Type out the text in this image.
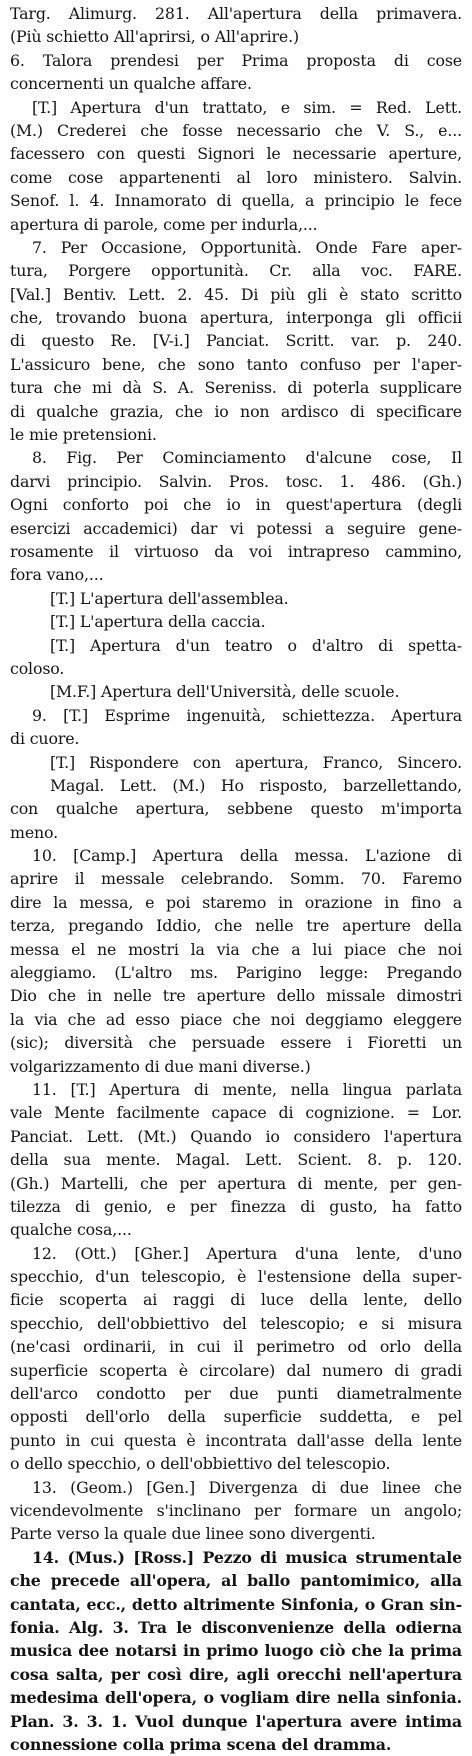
Targ. Alimurg. 281. All'apertura della primavera.
(Più schietto All'aprirsi, o All'aprire.)
6. Talora prendesi per Prima proposta di cose
concernenti un qualche affare.
[T.] Apertura d'un trattato, e sim. = Red. Lett.
(M.) Crederei che fosse necessario che V. S., e...
facessero con questi Signori le necessarie aperture,
come cose appartenenti al loro ministero. Salvin.
Senof. l. 4. Innamorato di quella, a principio le fece
apertura di parole, come per indurla,...
7. Per Occasione, Opportunità. Onde Fare aper-
tura, Porgere opportunità. Cr. alla voc. FARE.
[Val.] Bentiv. Lett. 2. 45. Di più gli è stato scritto
che, trovando buona apertura, interponga gli officii
di questo Re. [V-i.] Panciat. Scritt. var. p. 240.
L'assicuro bene, che sono tanto confuso per l'aper-
tura che mi dà S. A. Sereniss. di poterla supplicare
di qualche grazia, che io non ardisco di specificare
le mie pretensioni.
8. Fig. Per Cominciamento d'alcune cose, Il
darvi principio. Salvin. Pros. tosc. 1. 486. (Gh.)
Ogni conforto poi che io in quest'apertura (degli
esercizi accademici) dar vi potessi a seguire gene-
rosamente il virtuoso da voi intrapreso cammino,
fora vano,...
[T.] L'apertura dell'assemblea.
[T.] L'apertura della caccia.
[T.] Apertura d'un teatro o d'altro di spetta-
coloso.
[M.F.] Apertura dell'Università, delle scuole.
9. [T.] Esprime ingenuità, schiettezza. Apertura
di cuore.
[T.] Rispondere con apertura, Franco, Sincero.
Magal. Lett. (M.) Ho risposto, barzellettando,
con qualche apertura, sebbene questo m'importa
meno.
10. [Camp.] Apertura della messa. L'azione di
aprire il messale celebrando. Somm. 70. Faremo
dire la messa, e poi staremo in orazione in fino a
terza, pregando Iddio, che nelle tre aperture della
messa el ne mostri la via che a lui piace che noi
aleggiamo. (L'altro ms. Parigino legge: Pregando
Dio che in nelle tre aperture dello missale dimostri
la via che ad esso piace che noi deggiamo eleggere
(sic); diversità che persuade essere i Fioretti un
volgarizzamento di due mani diverse.)
11. [T.] Apertura di mente, nella lingua parlata
vale Mente facilmente capace di cognizione. = Lor.
Panciat. Lett. (Mt.) Quando io considero l'apertura
della sua mente. Magal. Lett. Scient. 8. p. 120.
(Gh.) Martelli, che per apertura di mente, per gen-
tilezza di genio, e per finezza di gusto, ha fatto
qualche cosa,...
12. (Ott.) [Gher.] Apertura d'una lente, d'uno
specchio, d'un telescopio, è l'estensione della super-
ficie scoperta ai raggi di luce della lente, dello
specchio, dell'obbiettivo del telescopio; e si misura
(ne'casi ordinarii, in cui il perimetro od orlo della
superficie scoperta è circolare) dal numero di gradi
dell'arco condotto per due punti diametralmente
opposti dell'orlo della superficie suddetta, e pel
punto in cui questa è incontrata dall'asse della lente
o dello specchio, o dell'obbiettivo del telescopio.
13. (Geom.) [Gen.] Divergenza di due linee che
vicendevolmente s'inclinano per formare un angolo;
Parte verso la quale due linee sono divergenti.
14. (Mus.) [Ross.] Pezzo di musica strumentale
che precede all'opera, al ballo pantomimico, alla
cantata, ecc., detto altrimente Sinfonia, o Gran sin-
fonia. Alg. 3. Tra le disconvenienze della odierna
musica dee notarsi in primo luogo ciò che la prima
cosa salta, per così dire, agli orecchi nell'apertura
medesima dell'opera, o vogliam dire nella sinfonia.
Plan. 3. 3. 1. Vuol dunque l'apertura avere intima
connessione colla prima scena del dramma.
